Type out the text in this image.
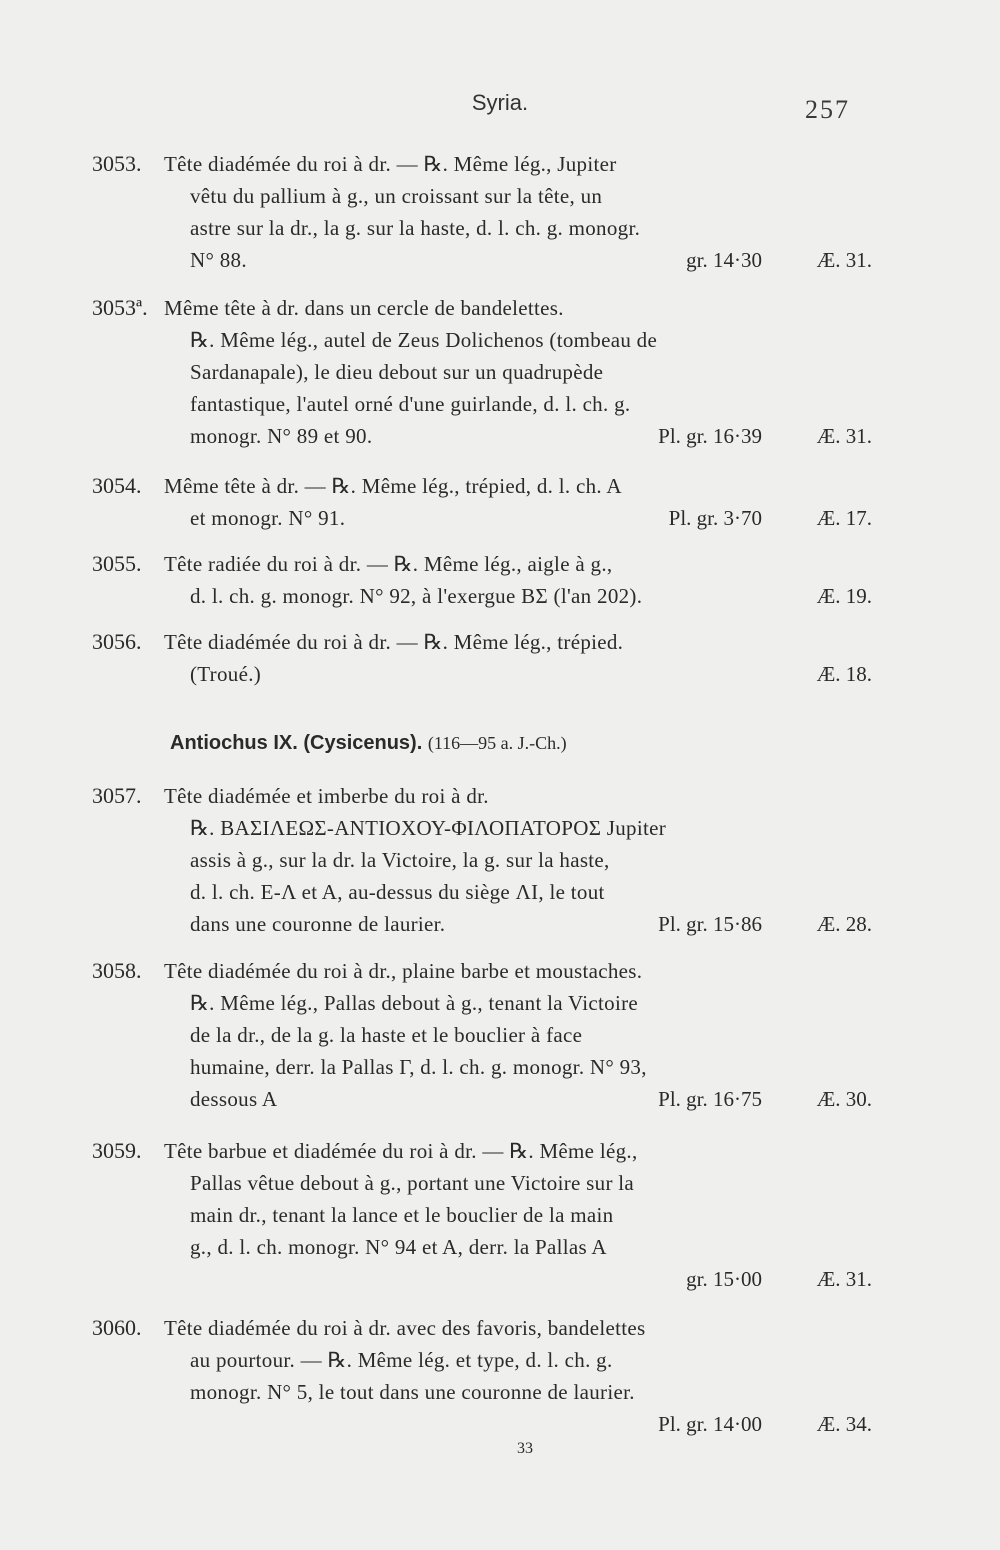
Syria.	257
Antiochus IX. (Cysicenus). (116—95 a. J.-Ch.)
3053. Tête diadémée du roi à dr. — ℞. Même lég., Jupiter
vêtu du pallium à g., un croissant sur la tête, un
astre sur la dr., la g. sur la haste, d. l. ch. g. monogr.
N° 88.	gr. 14·30	Æ. 31.
3053ª. Même tête à dr. dans un cercle de bandelettes.
℞. Même lég., autel de Zeus Dolichenos (tombeau de
Sardanapale), le dieu debout sur un quadrupède
fantastique, l'autel orné d'une guirlande, d. l. ch. g.
monogr. N° 89 et 90.	Pl. gr. 16·39	Æ. 31.
3054. Même tête à dr. — ℞. Même lég., trépied, d. l. ch. A
et monogr. N° 91.	Pl. gr. 3·70	Æ. 17.
3055. Tête radiée du roi à dr. — ℞. Même lég., aigle à g.,
d. l. ch. g. monogr. N° 92, à l'exergue ΒΣ (l'an 202).	Æ. 19.
3056. Tête diadémée du roi à dr. — ℞. Même lég., trépied.
(Troué.)	Æ. 18.
3057. Tête diadémée et imberbe du roi à dr.
℞. ΒΑΣΙΛΕΩΣ-ΑΝΤΙΟΧΟΥ-ΦΙΛΟΠΑΤΟΡΟΣ Jupiter
assis à g., sur la dr. la Victoire, la g. sur la haste,
d. l. ch. E-Λ et A, au-dessus du siège ΛΙ, le tout
dans une couronne de laurier.	Pl. gr. 15·86	Æ. 28.
3058. Tête diadémée du roi à dr., plaine barbe et moustaches.
℞. Même lég., Pallas debout à g., tenant la Victoire
de la dr., de la g. la haste et le bouclier à face
humaine, derr. la Pallas Γ, d. l. ch. g. monogr. N° 93,
dessous A	Pl. gr. 16·75	Æ. 30.
3059. Tête barbue et diadémée du roi à dr. — ℞. Même lég.,
Pallas vêtue debout à g., portant une Victoire sur la
main dr., tenant la lance et le bouclier de la main
g., d. l. ch. monogr. N° 94 et A, derr. la Pallas A
gr. 15·00	Æ. 31.
3060. Tête diadémée du roi à dr. avec des favoris, bandelettes
au pourtour. — ℞. Même lég. et type, d. l. ch. g.
monogr. N° 5, le tout dans une couronne de laurier.
Pl. gr. 14·00	Æ. 34.
33
